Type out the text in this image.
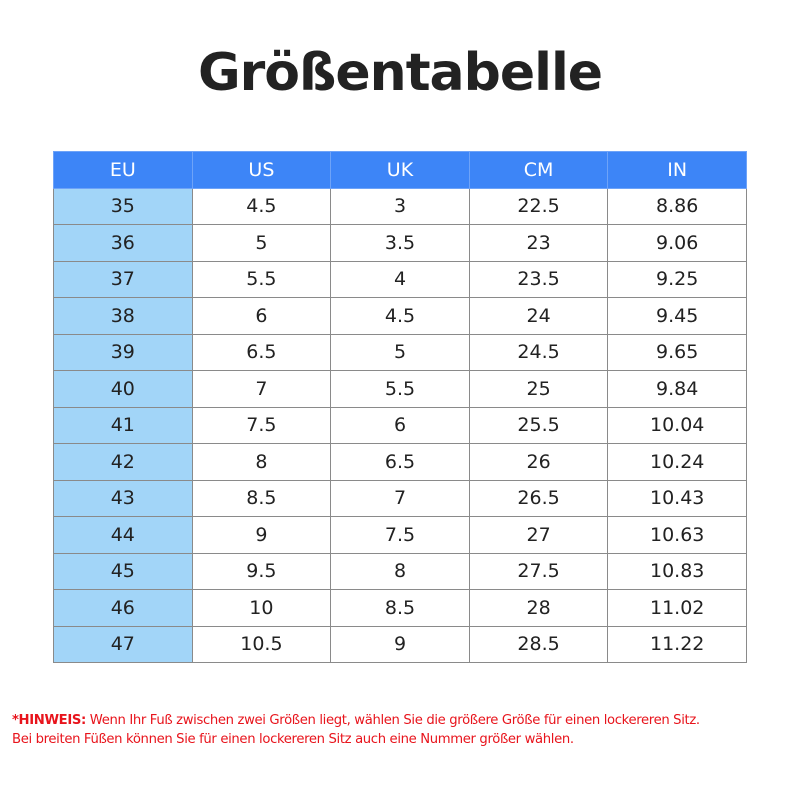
Größentabelle
EU	US	UK	CM	IN
35	4.5	3	22.5	8.86
36	5	3.5	23	9.06
37	5.5	4	23.5	9.25
38	6	4.5	24	9.45
39	6.5	5	24.5	9.65
40	7	5.5	25	9.84
41	7.5	6	25.5	10.04
42	8	6.5	26	10.24
43	8.5	7	26.5	10.43
44	9	7.5	27	10.63
45	9.5	8	27.5	10.83
46	10	8.5	28	11.02
47	10.5	9	28.5	11.22
*HINWEIS: Wenn Ihr Fuß zwischen zwei Größen liegt, wählen Sie die größere Größe für einen lockereren Sitz.
Bei breiten Füßen können Sie für einen lockereren Sitz auch eine Nummer größer wählen.
